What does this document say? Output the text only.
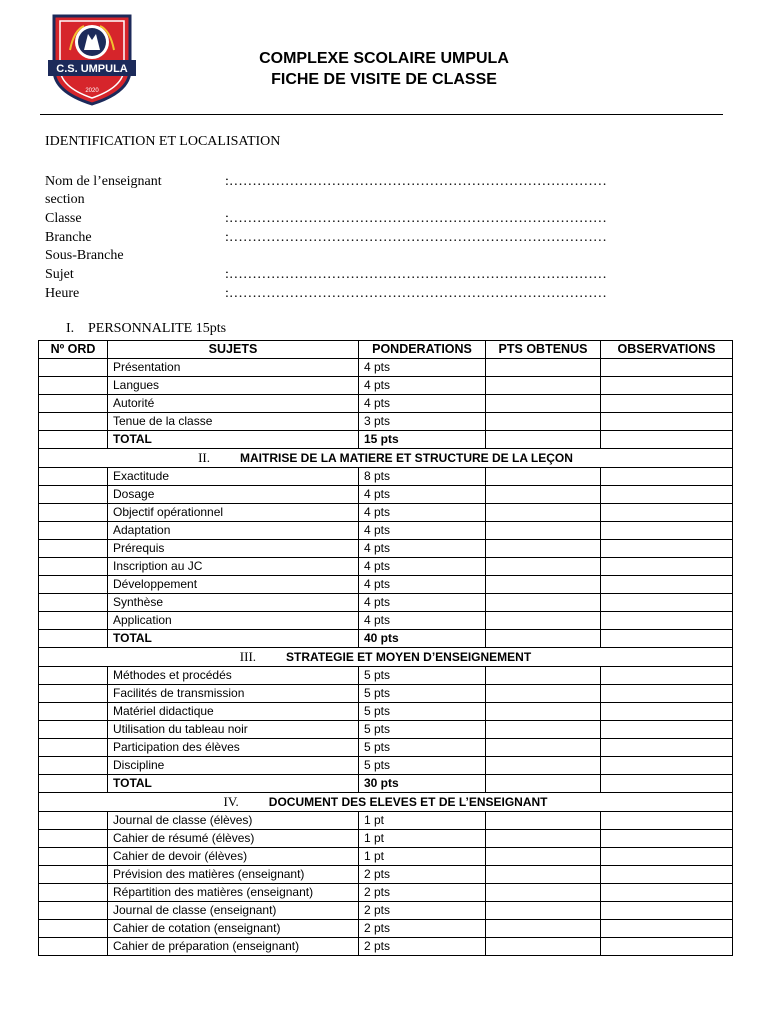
C.S. UMPULA
2020
COMPLEXE SCOLAIRE UMPULA
FICHE DE VISITE DE CLASSE
IDENTIFICATION ET LOCALISATION
Nom de l’enseignant	:………………………………………………………………………
section
Classe	:………………………………………………………………………
Branche	:………………………………………………………………………
Sous-Branche
Sujet	:………………………………………………………………………
Heure	:………………………………………………………………………
I. PERSONNALITE 15pts
Nº ORD	SUJETS	PONDERATIONS	PTS OBTENUS	OBSERVATIONS
	Présentation	4 pts		
	Langues	4 pts		
	Autorité	4 pts		
	Tenue de la classe	3 pts		
	TOTAL	15 pts		
II. MAITRISE DE LA MATIERE ET STRUCTURE DE LA LEÇON				
	Exactitude	8 pts		
	Dosage	4 pts		
	Objectif opérationnel	4 pts		
	Adaptation	4 pts		
	Prérequis	4 pts		
	Inscription au JC	4 pts		
	Développement	4 pts		
	Synthèse	4 pts		
	Application	4 pts		
	TOTAL	40 pts		
III. STRATEGIE ET MOYEN D’ENSEIGNEMENT				
	Méthodes et procédés	5 pts		
	Facilités de transmission	5 pts		
	Matériel didactique	5 pts		
	Utilisation du tableau noir	5 pts		
	Participation des élèves	5 pts		
	Discipline	5 pts		
	TOTAL	30 pts		
IV. DOCUMENT DES ELEVES ET DE L’ENSEIGNANT				
	Journal de classe (élèves)	1 pt		
	Cahier de résumé (élèves)	1 pt		
	Cahier de devoir (élèves)	1 pt		
	Prévision des matières (enseignant)	2 pts		
	Répartition des matières (enseignant)	2 pts		
	Journal de classe (enseignant)	2 pts		
	Cahier de cotation (enseignant)	2 pts		
	Cahier de préparation (enseignant)	2 pts		
